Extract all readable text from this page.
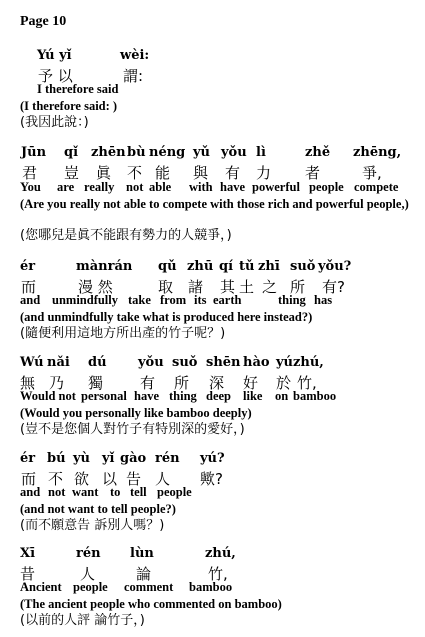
Page 10
Yú yǐ	wèi:
予 以	謂:
I therefore said
(I therefore said: )
(我因此說：)
Jūn qǐ zhēn bù néng yǔ yǒu lì	zhě zhēng,
君 豈 眞 不 能 與 有 力 者	爭,
You are really not able with have powerful people compete
(Are you really not able to compete with those rich and powerful people,)
(您哪兒是眞不能跟有勢力的人競爭，)
ér	mànrán qǔ zhū qí tǔ zhī suǒ yǒu?
而	漫 然	取 諸 其 土 之 所 有?
and unmindfully take from its earth	thing has
(and unmindfully take what is produced here instead?)
(隨便利用這地方所出產的竹子呢？)
Wú nǎi dú yǒu suǒ shēn hào yú zhú,
無 乃 獨 有 所 深 好 於 竹,
Would not personal have thing deep like on bamboo
(Would you personally like bamboo deeply)
(豈不是您個人對竹子有特別深的愛好，)
ér bú yù yǐ gào rén yú?
而 不 欲 以 告 人 歟?
and not want to tell people
(and not want to tell people?)
(而不願意告 訴別人嗎？)
Xī	rén lùn	zhú,
昔	人	論	竹,
Ancient people comment bamboo
(The ancient people who commented on bamboo)
(以前的人評 論竹子，)
